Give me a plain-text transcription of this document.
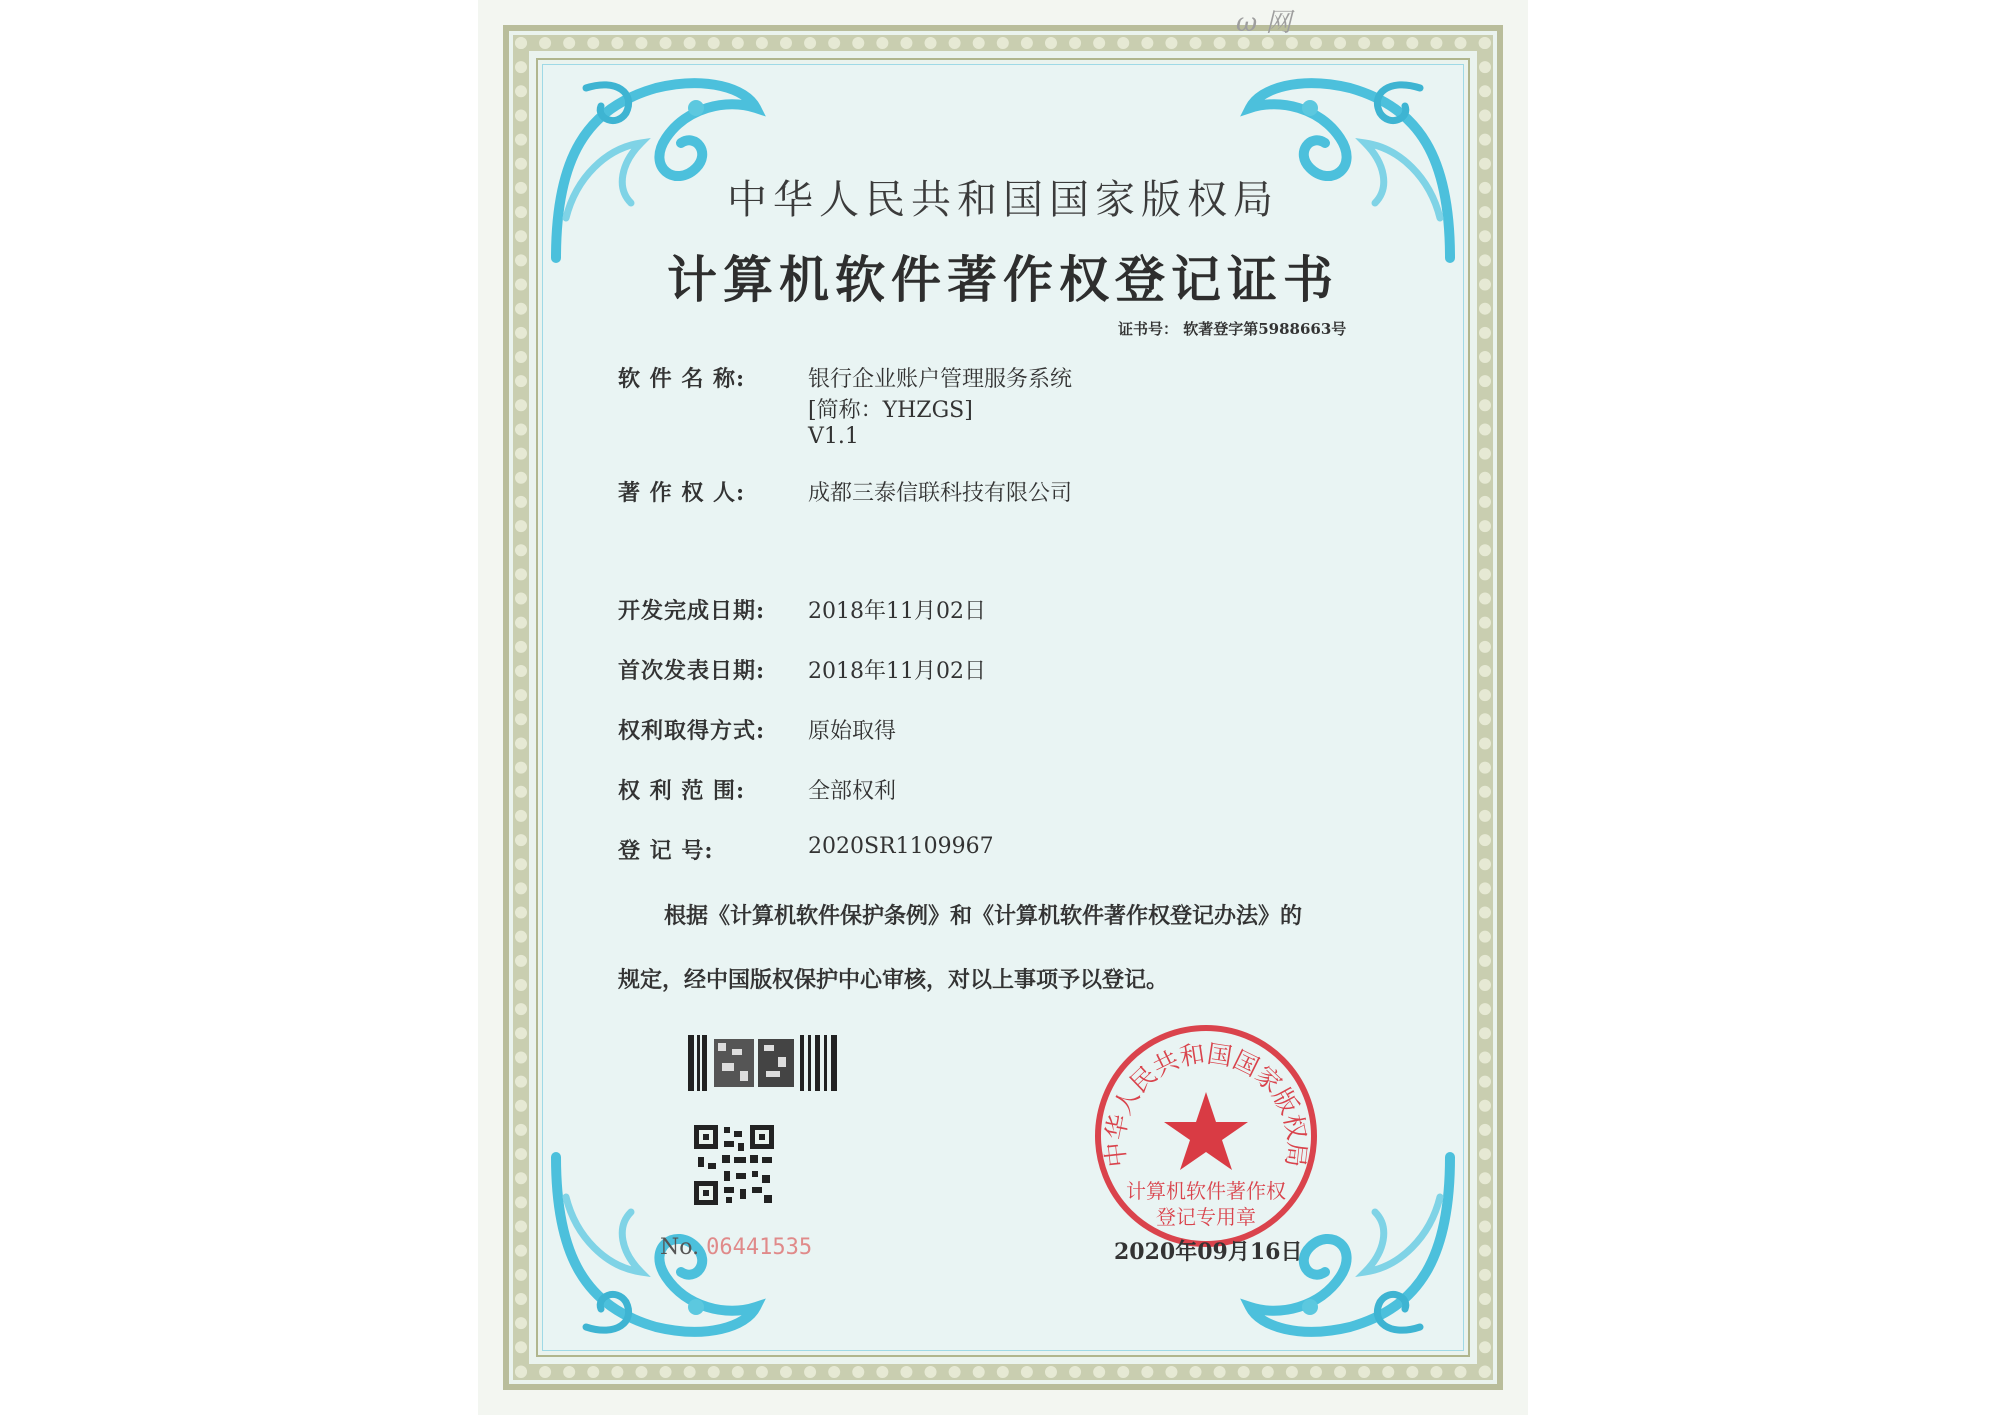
ω 网
中华人民共和国国家版权局
计算机软件著作权登记证书
证书号： 软著登字第5988663号
软 件 名 称:	银行企业账户管理服务系统
[简称：YHZGS]
V1.1
著 作 权 人:	成都三泰信联科技有限公司
开发完成日期: 2018年11月02日
首次发表日期: 2018年11月02日
权利取得方式: 原始取得
权 利 范 围:	全部权利
登 记 号:	2020SR1109967
根据《计算机软件保护条例》和《计算机软件著作权登记办法》的
规定，经中国版权保护中心审核，对以上事项予以登记。
No. 06441535
中华人民共和国国家版权局
计算机软件著作权
登记专用章
2020年09月16日
